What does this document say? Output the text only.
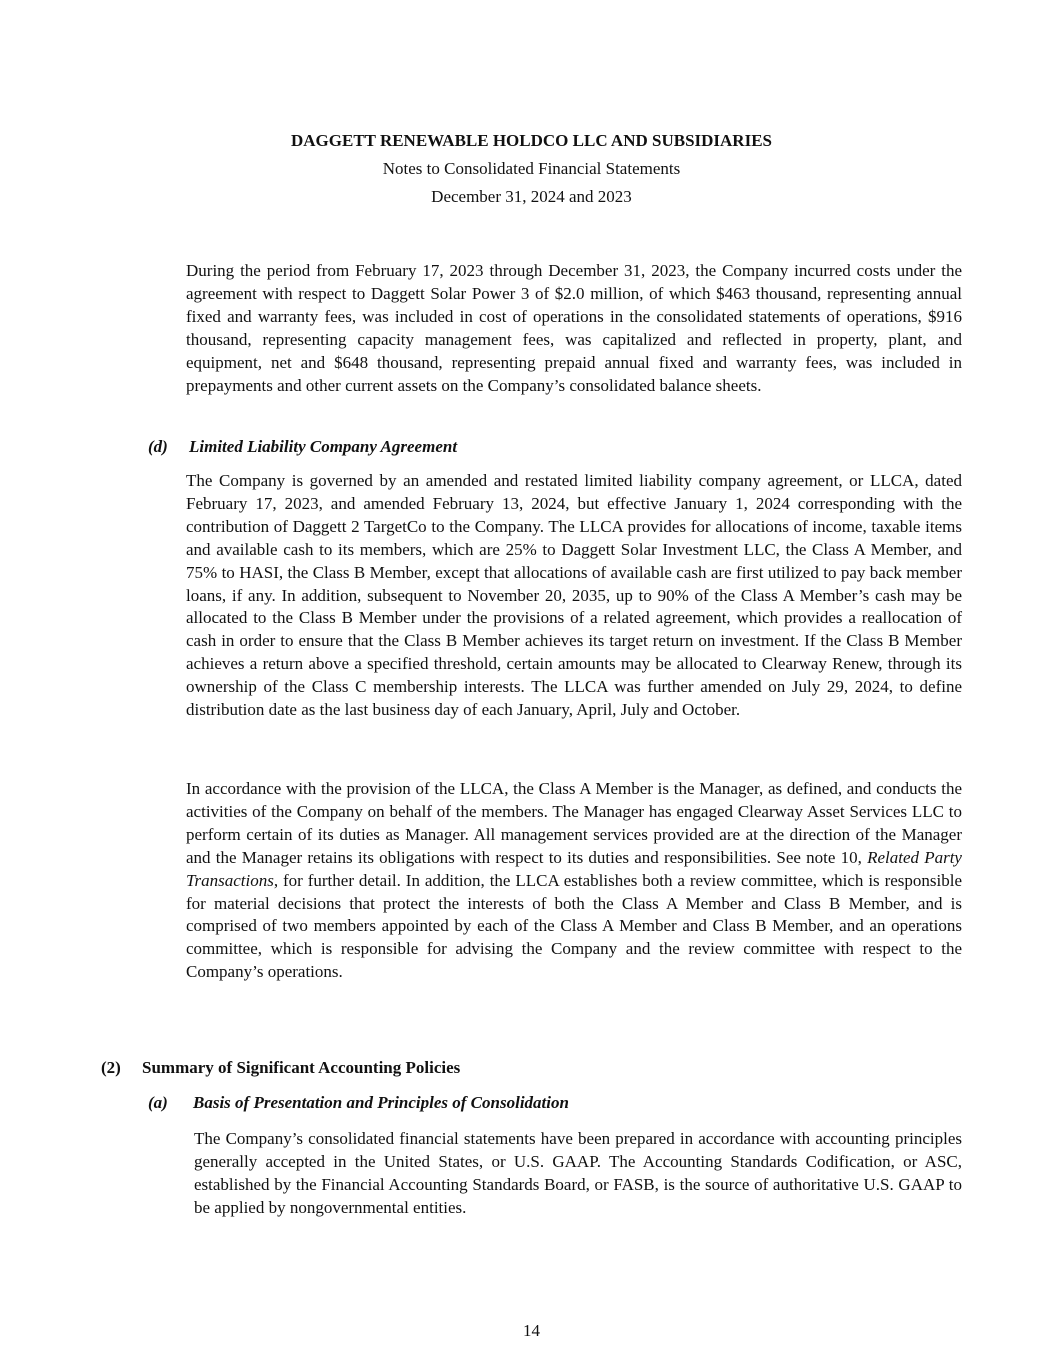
DAGGETT RENEWABLE HOLDCO LLC AND SUBSIDIARIES
Notes to Consolidated Financial Statements
December 31, 2024 and 2023

During the period from February 17, 2023 through December 31, 2023, the Company incurred costs under the agreement with respect to Daggett Solar Power 3 of $2.0 million, of which $463 thousand, representing annual fixed and warranty fees, was included in cost of operations in the consolidated statements of operations, $916 thousand, representing capacity management fees, was capitalized and reflected in property, plant, and equipment, net and $648 thousand, representing prepaid annual fixed and warranty fees, was included in prepayments and other current assets on the Company’s consolidated balance sheets.

(d) Limited Liability Company Agreement

The Company is governed by an amended and restated limited liability company agreement, or LLCA, dated February 17, 2023, and amended February 13, 2024, but effective January 1, 2024 corresponding with the contribution of Daggett 2 TargetCo to the Company. The LLCA provides for allocations of income, taxable items and available cash to its members, which are 25% to Daggett Solar Investment LLC, the Class A Member, and 75% to HASI, the Class B Member, except that allocations of available cash are first utilized to pay back member loans, if any. In addition, subsequent to November 20, 2035, up to 90% of the Class A Member’s cash may be allocated to the Class B Member under the provisions of a related agreement, which provides a reallocation of cash in order to ensure that the Class B Member achieves its target return on investment. If the Class B Member achieves a return above a specified threshold, certain amounts may be allocated to Clearway Renew, through its ownership of the Class C membership interests. The LLCA was further amended on July 29, 2024, to define distribution date as the last business day of each January, April, July and October.

In accordance with the provision of the LLCA, the Class A Member is the Manager, as defined, and conducts the activities of the Company on behalf of the members. The Manager has engaged Clearway Asset Services LLC to perform certain of its duties as Manager. All management services provided are at the direction of the Manager and the Manager retains its obligations with respect to its duties and responsibilities. See note 10, Related Party Transactions, for further detail. In addition, the LLCA establishes both a review committee, which is responsible for material decisions that protect the interests of both the Class A Member and Class B Member, and is comprised of two members appointed by each of the Class A Member and Class B Member, and an operations committee, which is responsible for advising the Company and the review committee with respect to the Company’s operations.

(2) Summary of Significant Accounting Policies
(a) Basis of Presentation and Principles of Consolidation

The Company’s consolidated financial statements have been prepared in accordance with accounting principles generally accepted in the United States, or U.S. GAAP. The Accounting Standards Codification, or ASC, established by the Financial Accounting Standards Board, or FASB, is the source of authoritative U.S. GAAP to be applied by nongovernmental entities.

14
